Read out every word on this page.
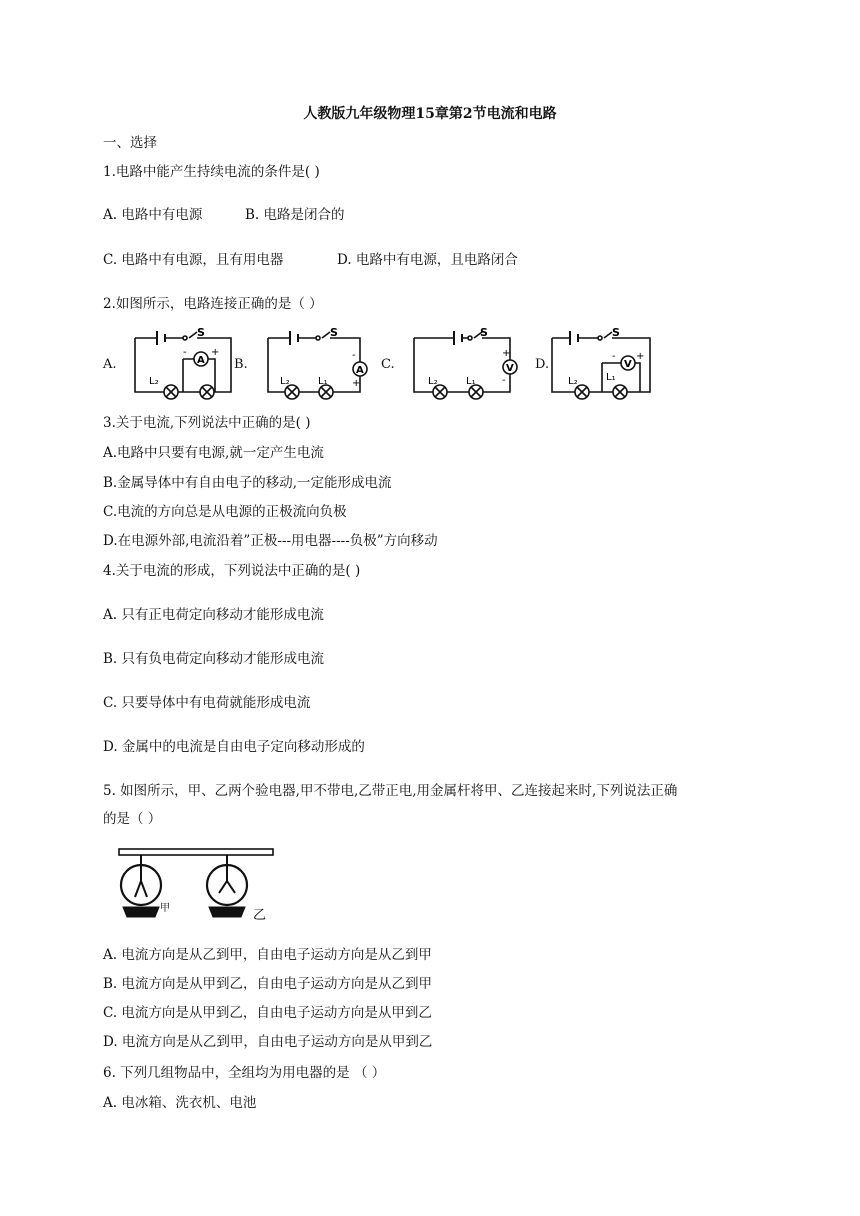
人教版九年级物理15章第2节电流和电路
一、选择
1.电路中能产生持续电流的条件是( )
A. 电路中有电源	B. 电路是闭合的
C. 电路中有电源，且有用电器	D. 电路中有电源，且电路闭合
2.如图所示，电路连接正确的是（ ）
A.	B.	C.	D.
S
A
- +
L₂
S
A
-
+
L₂	L₁
S
V
+
-
L₂	L₁
S
V
- +
L₂	L₁
3.关于电流,下列说法中正确的是( )
A.电路中只要有电源,就一定产生电流
B.金属导体中有自由电子的移动,一定能形成电流
C.电流的方向总是从电源的正极流向负极
D.在电源外部,电流沿着”正极---用电器----负极”方向移动
4.关于电流的形成，下列说法中正确的是( )
A. 只有正电荷定向移动才能形成电流
B. 只有负电荷定向移动才能形成电流
C. 只要导体中有电荷就能形成电流
D. 金属中的电流是自由电子定向移动形成的
5. 如图所示，甲、乙两个验电器,甲不带电,乙带正电,用金属杆将甲、乙连接起来时,下列说法正确
的是（ ）
甲	乙
A. 电流方向是从乙到甲，自由电子运动方向是从乙到甲
B. 电流方向是从甲到乙，自由电子运动方向是从乙到甲
C. 电流方向是从甲到乙，自由电子运动方向是从甲到乙
D. 电流方向是从乙到甲，自由电子运动方向是从甲到乙
6. 下列几组物品中，全组均为用电器的是 （ ）
A. 电冰箱、洗衣机、电池
